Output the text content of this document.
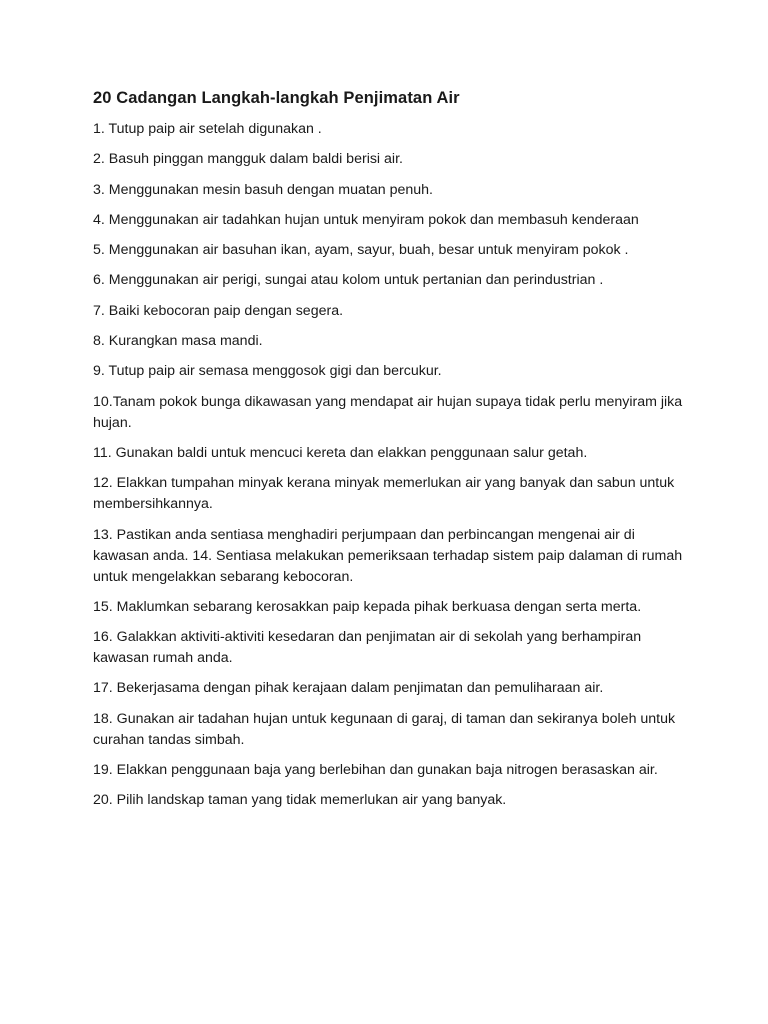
20 Cadangan Langkah-langkah Penjimatan Air
1. Tutup paip air setelah digunakan .
2. Basuh pinggan mangguk dalam baldi berisi air.
3. Menggunakan mesin basuh dengan muatan penuh.
4. Menggunakan air tadahkan hujan untuk menyiram pokok dan membasuh kenderaan
5. Menggunakan air basuhan ikan, ayam, sayur, buah, besar untuk menyiram pokok .
6. Menggunakan air perigi, sungai atau kolom untuk pertanian dan perindustrian .
7. Baiki kebocoran paip dengan segera.
8. Kurangkan masa mandi.
9. Tutup paip air semasa menggosok gigi dan bercukur.
10.Tanam pokok bunga dikawasan yang mendapat air hujan supaya tidak perlu menyiram jika hujan.
11. Gunakan baldi untuk mencuci kereta dan elakkan penggunaan salur getah.
12. Elakkan tumpahan minyak kerana minyak memerlukan air yang banyak dan sabun untuk membersihkannya.
13. Pastikan anda sentiasa menghadiri perjumpaan dan perbincangan mengenai air di kawasan anda. 14. Sentiasa melakukan pemeriksaan terhadap sistem paip dalaman di rumah untuk mengelakkan sebarang kebocoran.
15. Maklumkan sebarang kerosakkan paip kepada pihak berkuasa dengan serta merta.
16. Galakkan aktiviti-aktiviti kesedaran dan penjimatan air di sekolah yang berhampiran kawasan rumah anda.
17. Bekerjasama dengan pihak kerajaan dalam penjimatan dan pemuliharaan air.
18. Gunakan air tadahan hujan untuk kegunaan di garaj, di taman dan sekiranya boleh untuk curahan tandas simbah.
19. Elakkan penggunaan baja yang berlebihan dan gunakan baja nitrogen berasaskan air.
20. Pilih landskap taman yang tidak memerlukan air yang banyak.
